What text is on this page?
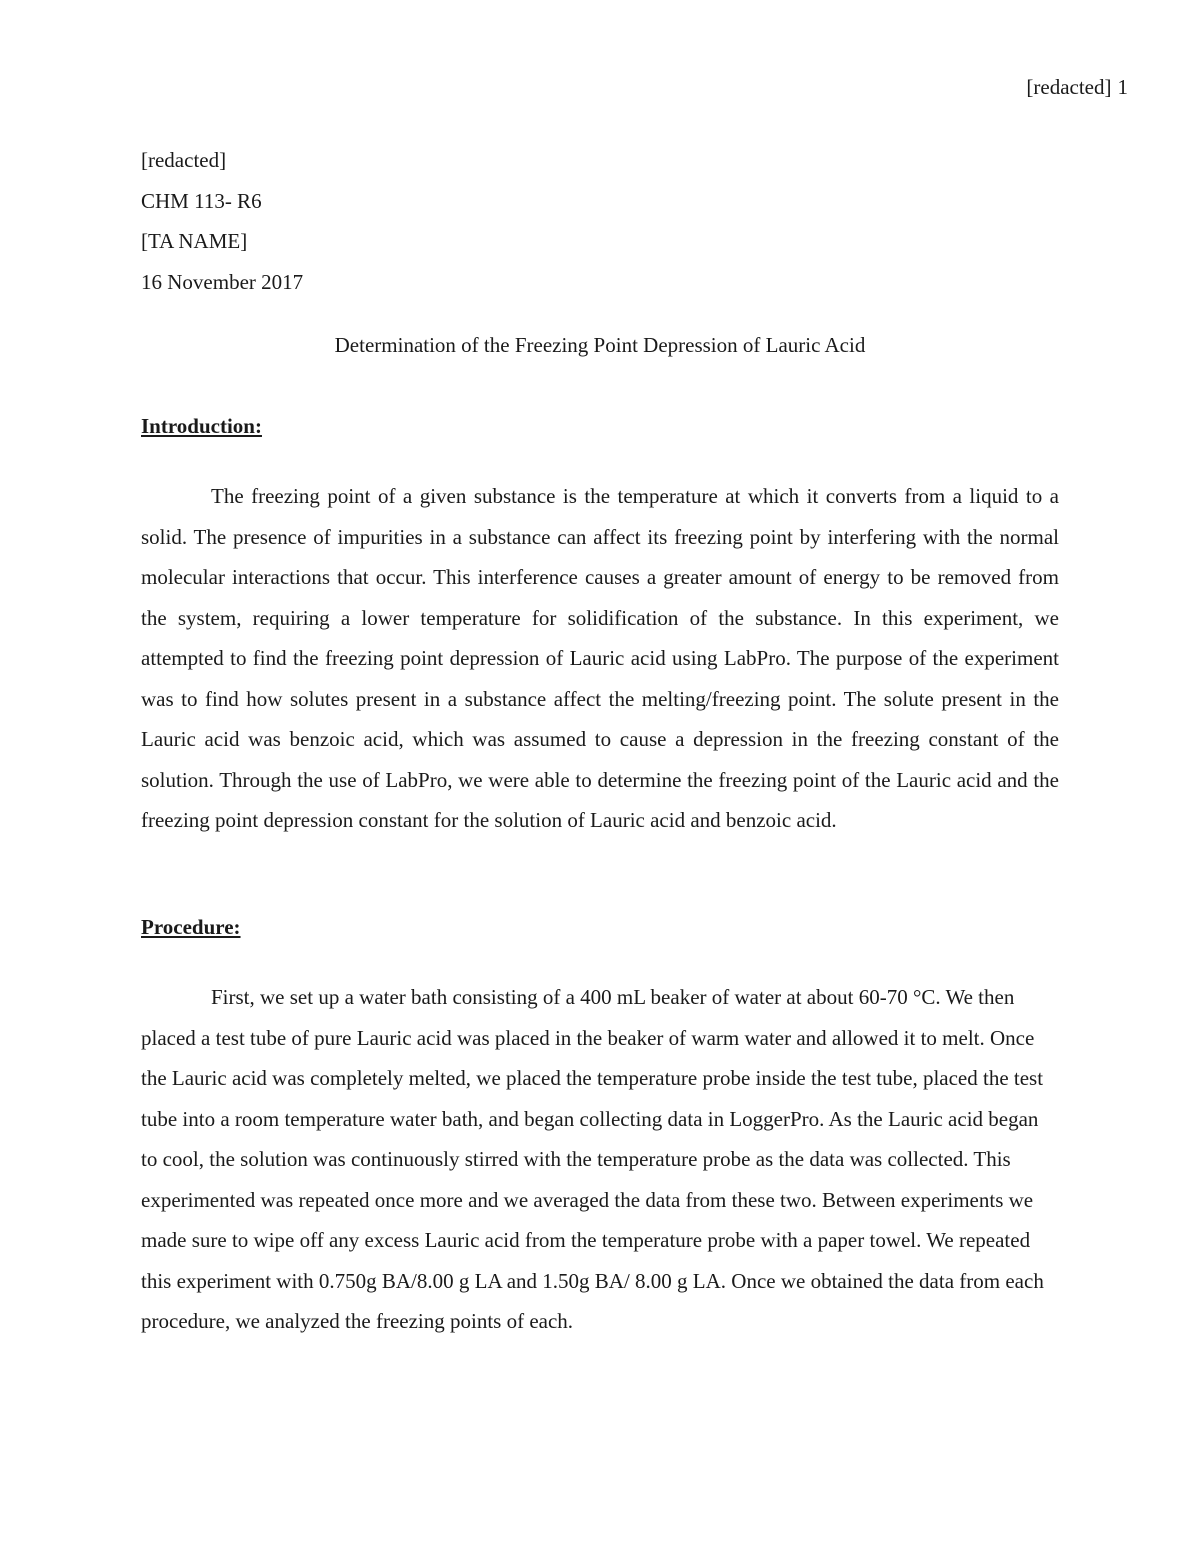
[redacted] 1
[redacted]
CHM 113- R6
[TA NAME]
16 November 2017
Determination of the Freezing Point Depression of Lauric Acid
Introduction:

The freezing point of a given substance is the temperature at which it converts from a liquid to a solid. The presence of impurities in a substance can affect its freezing point by interfering with the normal molecular interactions that occur. This interference causes a greater amount of energy to be removed from the system, requiring a lower temperature for solidification of the substance. In this experiment, we attempted to find the freezing point depression of Lauric acid using LabPro. The purpose of the experiment was to find how solutes present in a substance affect the melting/freezing point. The solute present in the Lauric acid was benzoic acid, which was assumed to cause a depression in the freezing constant of the solution. Through the use of LabPro, we were able to determine the freezing point of the Lauric acid and the freezing point depression constant for the solution of Lauric acid and benzoic acid.

Procedure:

First, we set up a water bath consisting of a 400 mL beaker of water at about 60-70 °C. We then placed a test tube of pure Lauric acid was placed in the beaker of warm water and allowed it to melt. Once the Lauric acid was completely melted, we placed the temperature probe inside the test tube, placed the test tube into a room temperature water bath, and began collecting data in LoggerPro. As the Lauric acid began to cool, the solution was continuously stirred with the temperature probe as the data was collected. This experimented was repeated once more and we averaged the data from these two. Between experiments we made sure to wipe off any excess Lauric acid from the temperature probe with a paper towel. We repeated this experiment with 0.750g BA/8.00 g LA and 1.50g BA/ 8.00 g LA. Once we obtained the data from each procedure, we analyzed the freezing points of each.
